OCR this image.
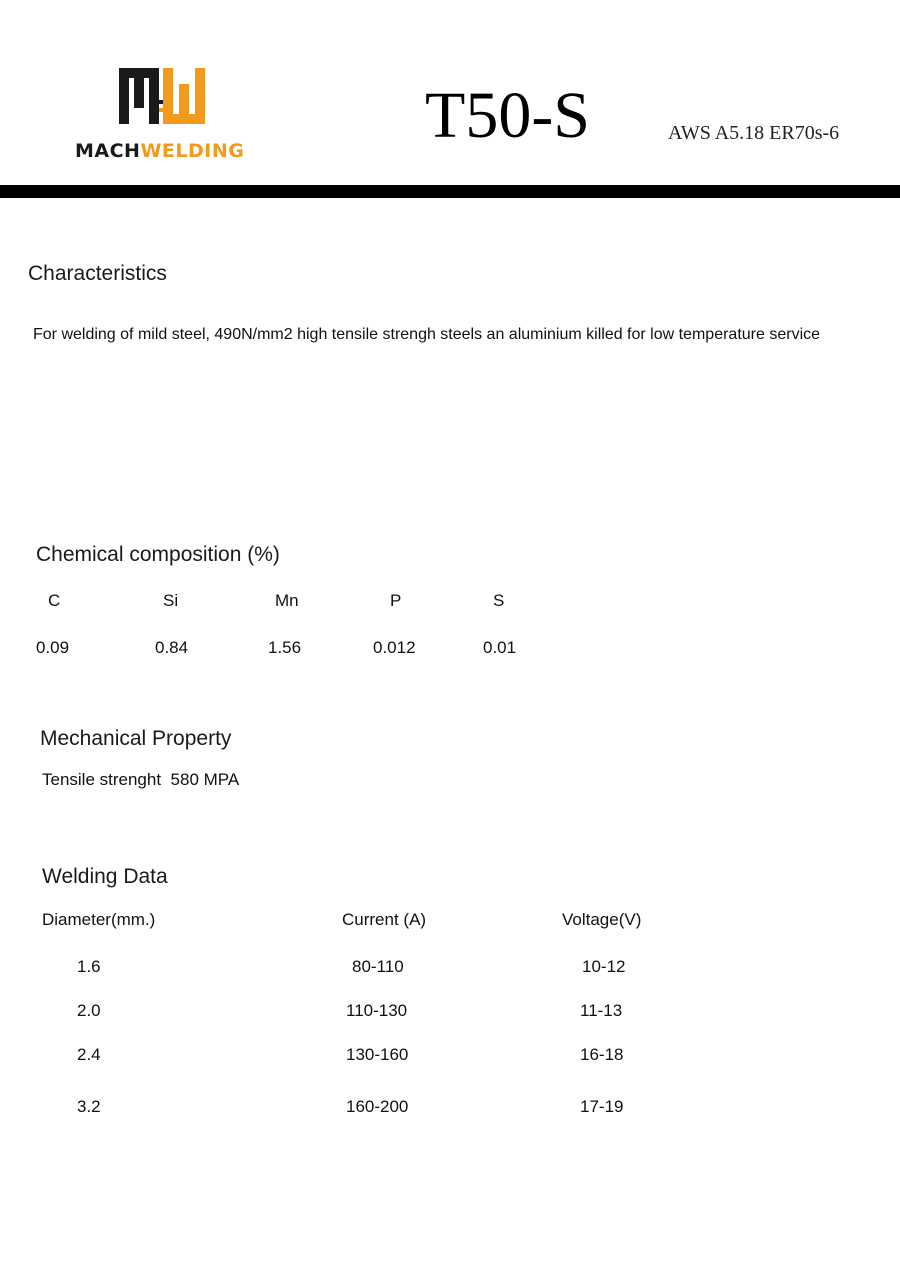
MACHWELDING	T50-S	AWS A5.18 ER70s-6
Characteristics
For welding of mild steel, 490N/mm2 high tensile strengh steels an aluminium killed for low temperature service
Chemical composition (%)
C	Si	Mn	P	S
0.09	0.84	1.56	0.012	0.01
Mechanical Property
Tensile strenght 580 MPA
Welding Data
Diameter(mm.)	Current (A)	Voltage(V)
1.6	80-110	10-12
2.0	110-130	11-13
2.4	130-160	16-18
3.2	160-200	17-19
